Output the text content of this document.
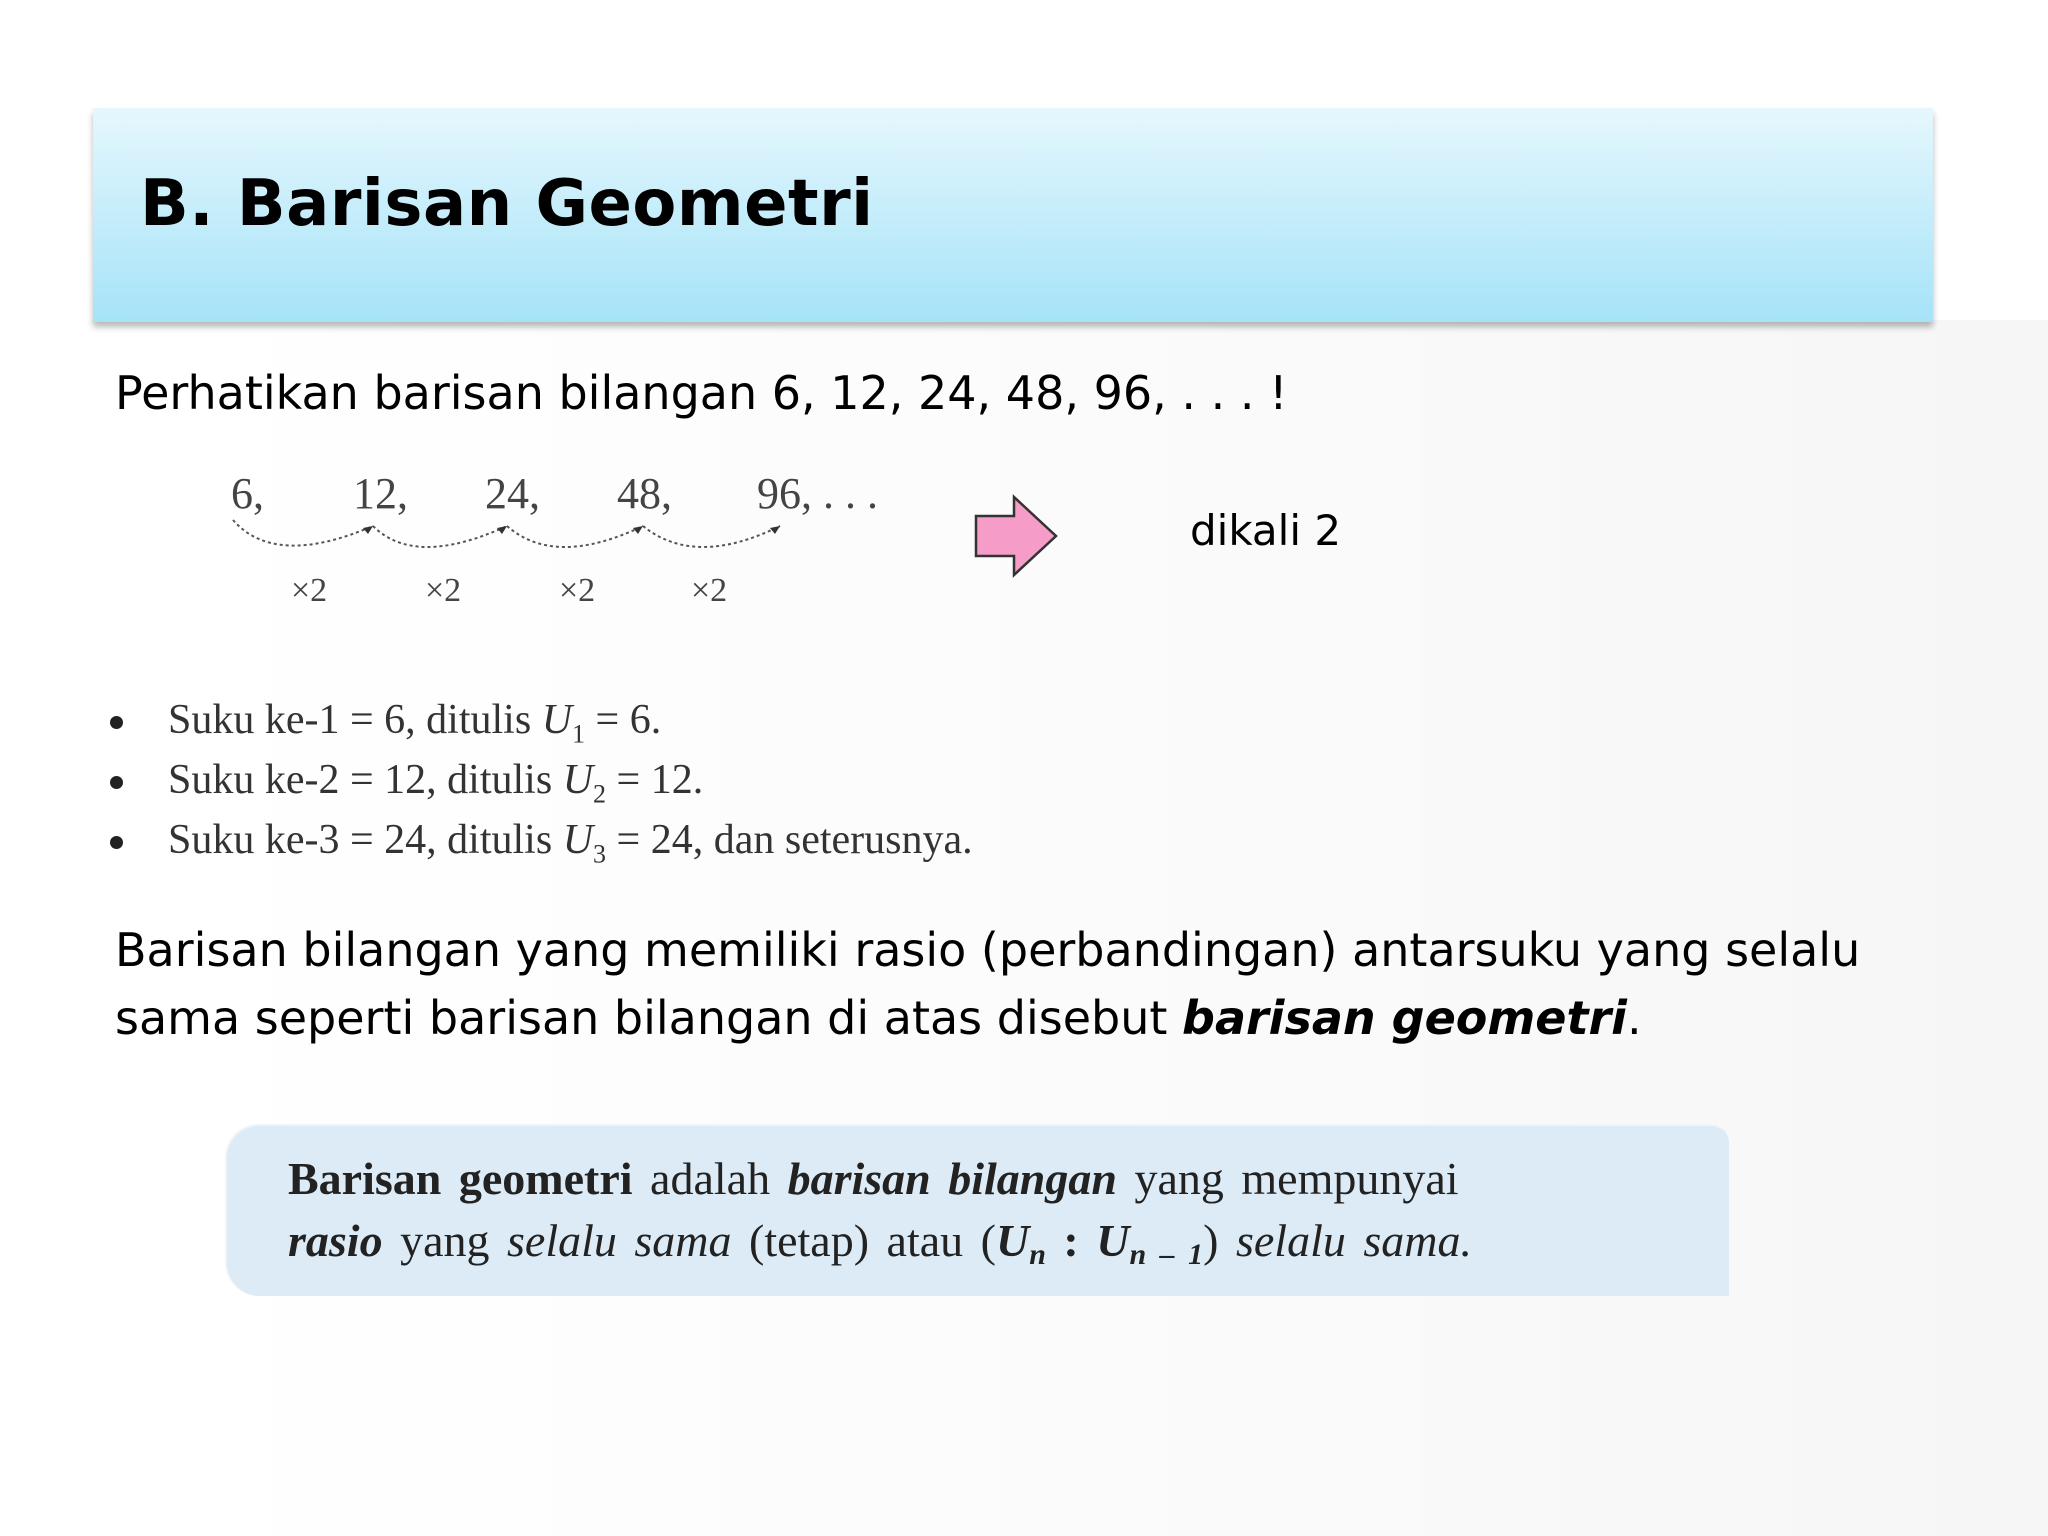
B. Barisan Geometri
Perhatikan barisan bilangan 6, 12, 24, 48, 96, . . . !
6, 12, 24, 48, 96, . . .
×2	×2	×2	×2
dikali 2
Suku ke-1 = 6, ditulis $U_1 = 6$.
Suku ke-2 = 12, ditulis $U_2 = 12$.
Suku ke-3 = 24, ditulis $U_3 = 24$, dan seterusnya.
Barisan bilangan yang memiliki rasio (perbandingan) antarsuku yang selalu sama seperti barisan bilangan di atas disebut barisan geometri.
Barisan geometri adalah barisan bilangan yang mempunyai
rasio yang selalu sama (tetap) atau ($U_n$ : $U_{n - 1}$) selalu sama.
